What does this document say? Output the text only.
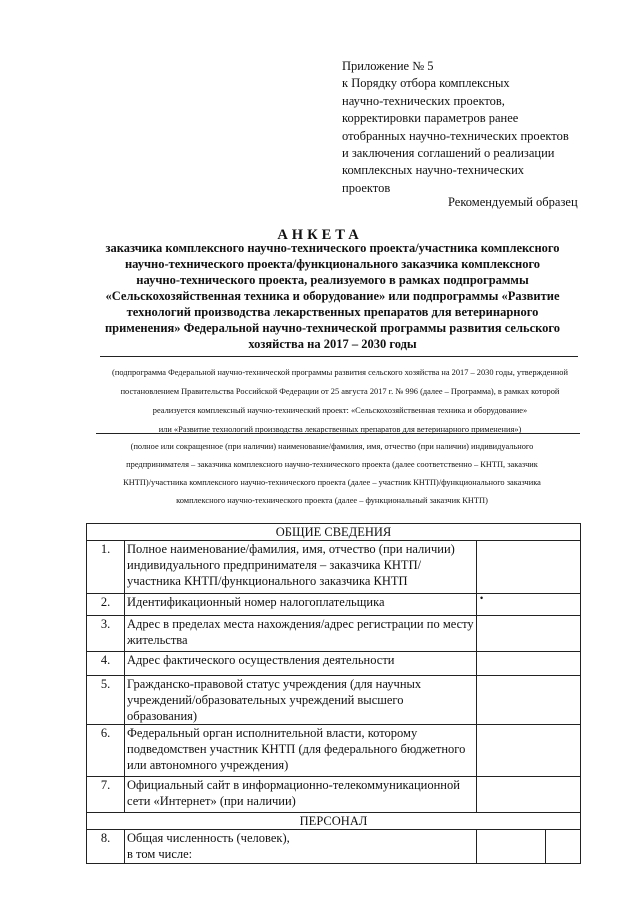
Приложение № 5
к Порядку отбора комплексных
научно-технических проектов,
корректировки параметров ранее
отобранных научно-технических проектов
и заключения соглашений о реализации
комплексных научно-технических
проектов
Рекомендуемый образец
АНКЕТА
заказчика комплексного научно-технического проекта/участника комплексного
научно-технического проекта/функционального заказчика комплексного
научно-технического проекта, реализуемого в рамках подпрограммы
«Сельскохозяйственная техника и оборудование» или подпрограммы «Развитие
технологий производства лекарственных препаратов для ветеринарного
применения» Федеральной научно-технической программы развития сельского
хозяйства на 2017 – 2030 годы
(подпрограмма Федеральной научно-технической программы развития сельского хозяйства на 2017 – 2030 годы, утвержденной
постановлением Правительства Российской Федерации от 25 августа 2017 г. № 996 (далее – Программа), в рамках которой
реализуется комплексный научно-технический проект: «Сельскохозяйственная техника и оборудование»
или «Развитие технологий производства лекарственных препаратов для ветеринарного применения»)
(полное или сокращенное (при наличии) наименование/фамилия, имя, отчество (при наличии) индивидуального
предпринимателя – заказчика комплексного научно-технического проекта (далее соответственно – КНТП, заказчик
КНТП)/участника комплексного научно-технического проекта (далее – участник КНТП)/функционального заказчика
комплексного научно-технического проекта (далее – функциональный заказчик КНТП)
ОБЩИЕ СВЕДЕНИЯ		
1.	Полное наименование/фамилия, имя, отчество (при наличии) индивидуального предпринимателя – заказчика КНТП/участника КНТП/функционального заказчика КНТП	
2.	Идентификационный номер налогоплательщика	
3.	Адрес в пределах места нахождения/адрес регистрации по месту жительства	
4.	Адрес фактического осуществления деятельности	
5.	Гражданско-правовой статус учреждения (для научных учреждений/образовательных учреждений высшего образования)	
6.	Федеральный орган исполнительной власти, которому подведомствен участник КНТП (для федерального бюджетного или автономного учреждения)	
7.	Официальный сайт в информационно-телекоммуникационной сети «Интернет» (при наличии)	
ПЕРСОНАЛ		
8.	Общая численность (человек),
в том числе:	

•
